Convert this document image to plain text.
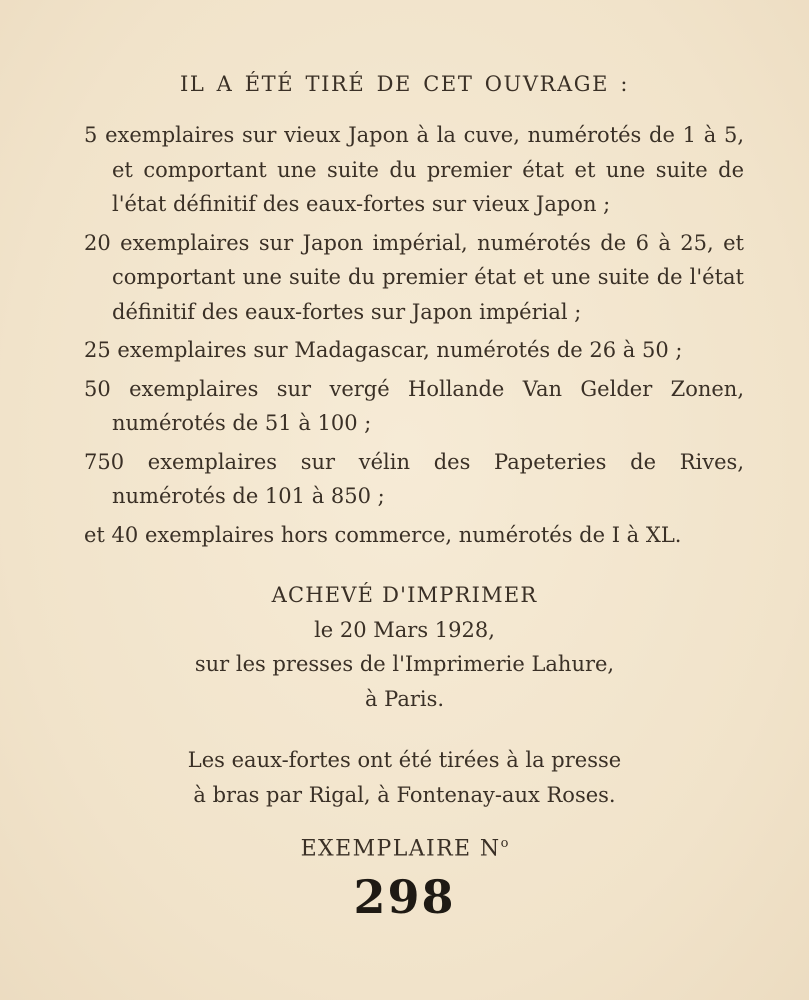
IL A ÉTÉ TIRÉ DE CET OUVRAGE :

5 exemplaires sur vieux Japon à la cuve, numérotés de 1 à 5, et comportant une suite du premier état et une suite de l'état définitif des eaux-fortes sur vieux Japon ;

20 exemplaires sur Japon impérial, numérotés de 6 à 25, et comportant une suite du premier état et une suite de l'état définitif des eaux-fortes sur Japon impérial ;

25 exemplaires sur Madagascar, numérotés de 26 à 50 ;

50 exemplaires sur vergé Hollande Van Gelder Zonen, numérotés de 51 à 100 ;

750 exemplaires sur vélin des Papeteries de Rives, numérotés de 101 à 850 ;

et 40 exemplaires hors commerce, numérotés de I à XL.

ACHEVÉ D'IMPRIMER
le 20 Mars 1928,
sur les presses de l'Imprimerie Lahure,
à Paris.
Les eaux-fortes ont été tirées à la presse
à bras par Rigal, à Fontenay-aux Roses.
EXEMPLAIRE $N^o$
298
